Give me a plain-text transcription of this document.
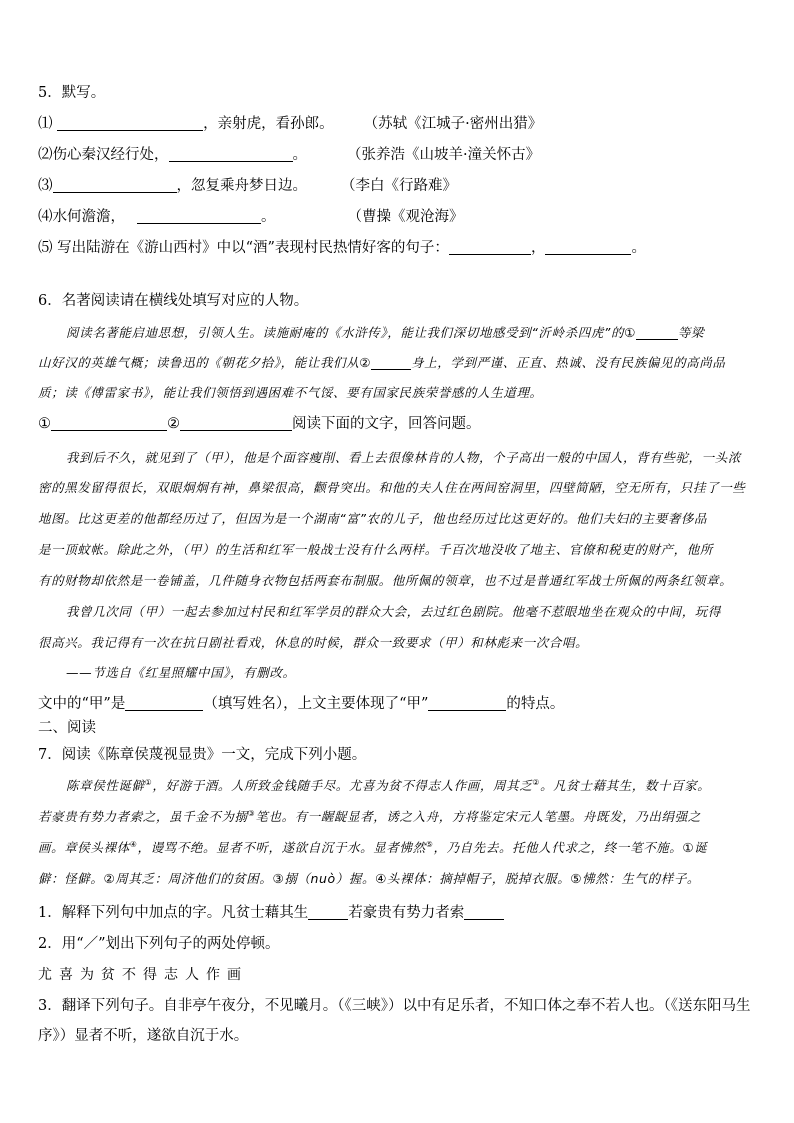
5．默写。
⑴	，亲射虎，看孙郎。 （苏轼《江城子·密州出猎》
⑵伤心秦汉经行处，	。	（张养浩《山坡羊·潼关怀古》
⑶	，忽复乘舟梦日边。 （李白《行路难》
⑷水何澹澹，	。	（曹操《观沧海》
⑸ 写出陆游在《游山西村》中以“酒”表现村民热情好客的句子：	，	。
6．名著阅读请在横线处填写对应的人物。
阅读名著能启迪思想，引领人生。读施耐庵的《水浒传》，能让我们深切地感受到“沂岭杀四虎”的①	等梁
山好汉的英雄气概；读鲁迅的《朝花夕拾》，能让我们从②	身上，学到严谨、正直、热诚、没有民族偏见的高尚品
质；读《傅雷家书》，能让我们领悟到遇困难不气馁、要有国家民族荣誉感的人生道理。
①	②	阅读下面的文字，回答问题。
我到后不久，就见到了（甲），他是个面容瘦削、看上去很像林肯的人物，个子高出一般的中国人，背有些驼，一头浓
密的黑发留得很长，双眼炯炯有神，鼻梁很高，颧骨突出。和他的夫人住在两间窑洞里，四壁简陋，空无所有，只挂了一些
地图。比这更差的他都经历过了，但因为是一个湖南“富”农的儿子，他也经历过比这更好的。他们夫妇的主要奢侈品
是一顶蚊帐。除此之外，（甲）的生活和红军一般战士没有什么两样。千百次地没收了地主、官僚和税吏的财产，他所
有的财物却依然是一卷铺盖，几件随身衣物包括两套布制服。他所佩的领章，也不过是普通红军战士所佩的两条红领章。
我曾几次同（甲）一起去参加过村民和红军学员的群众大会，去过红色剧院。他毫不惹眼地坐在观众的中间，玩得
很高兴。我记得有一次在抗日剧社看戏，休息的时候，群众一致要求（甲）和林彪来一次合唱。
——节选自《红星照耀中国》，有删改。
文中的“甲”是	（填写姓名），上文主要体现了“甲”	的特点。
二、阅读
7．阅读《陈章侯蔑视显贵》一文，完成下列小题。
陈章侯性诞僻①，好游于酒。人所致金钱随手尽。尤喜为贫不得志人作画，周其乏②。凡贫士藉其生，数十百家。
若豪贵有势力者索之，虽千金不为搦③笔也。有一龌龊显者，诱之入舟，方将鉴定宋元人笔墨。舟既发，乃出绢强之
画。章侯头裸体④，谩骂不绝。显者不听，遂欲自沉于水。显者怫然⑤，乃自先去。托他人代求之，终一笔不施。①诞
僻：怪僻。②周其乏：周济他们的贫困。③搦（nuò）握。④头裸体：摘掉帽子，脱掉衣服。⑤怫然：生气的样子。
1．解释下列句中加点的字。凡贫士藉其生	若豪贵有势力者索
2．用“／”划出下列句子的两处停顿。
尤喜为贫不得志人作画
3．翻译下列句子。自非亭午夜分，不见曦月。（《三峡》）以中有足乐者，不知口体之奉不若人也。（《送东阳马生
序》）显者不听，遂欲自沉于水。
